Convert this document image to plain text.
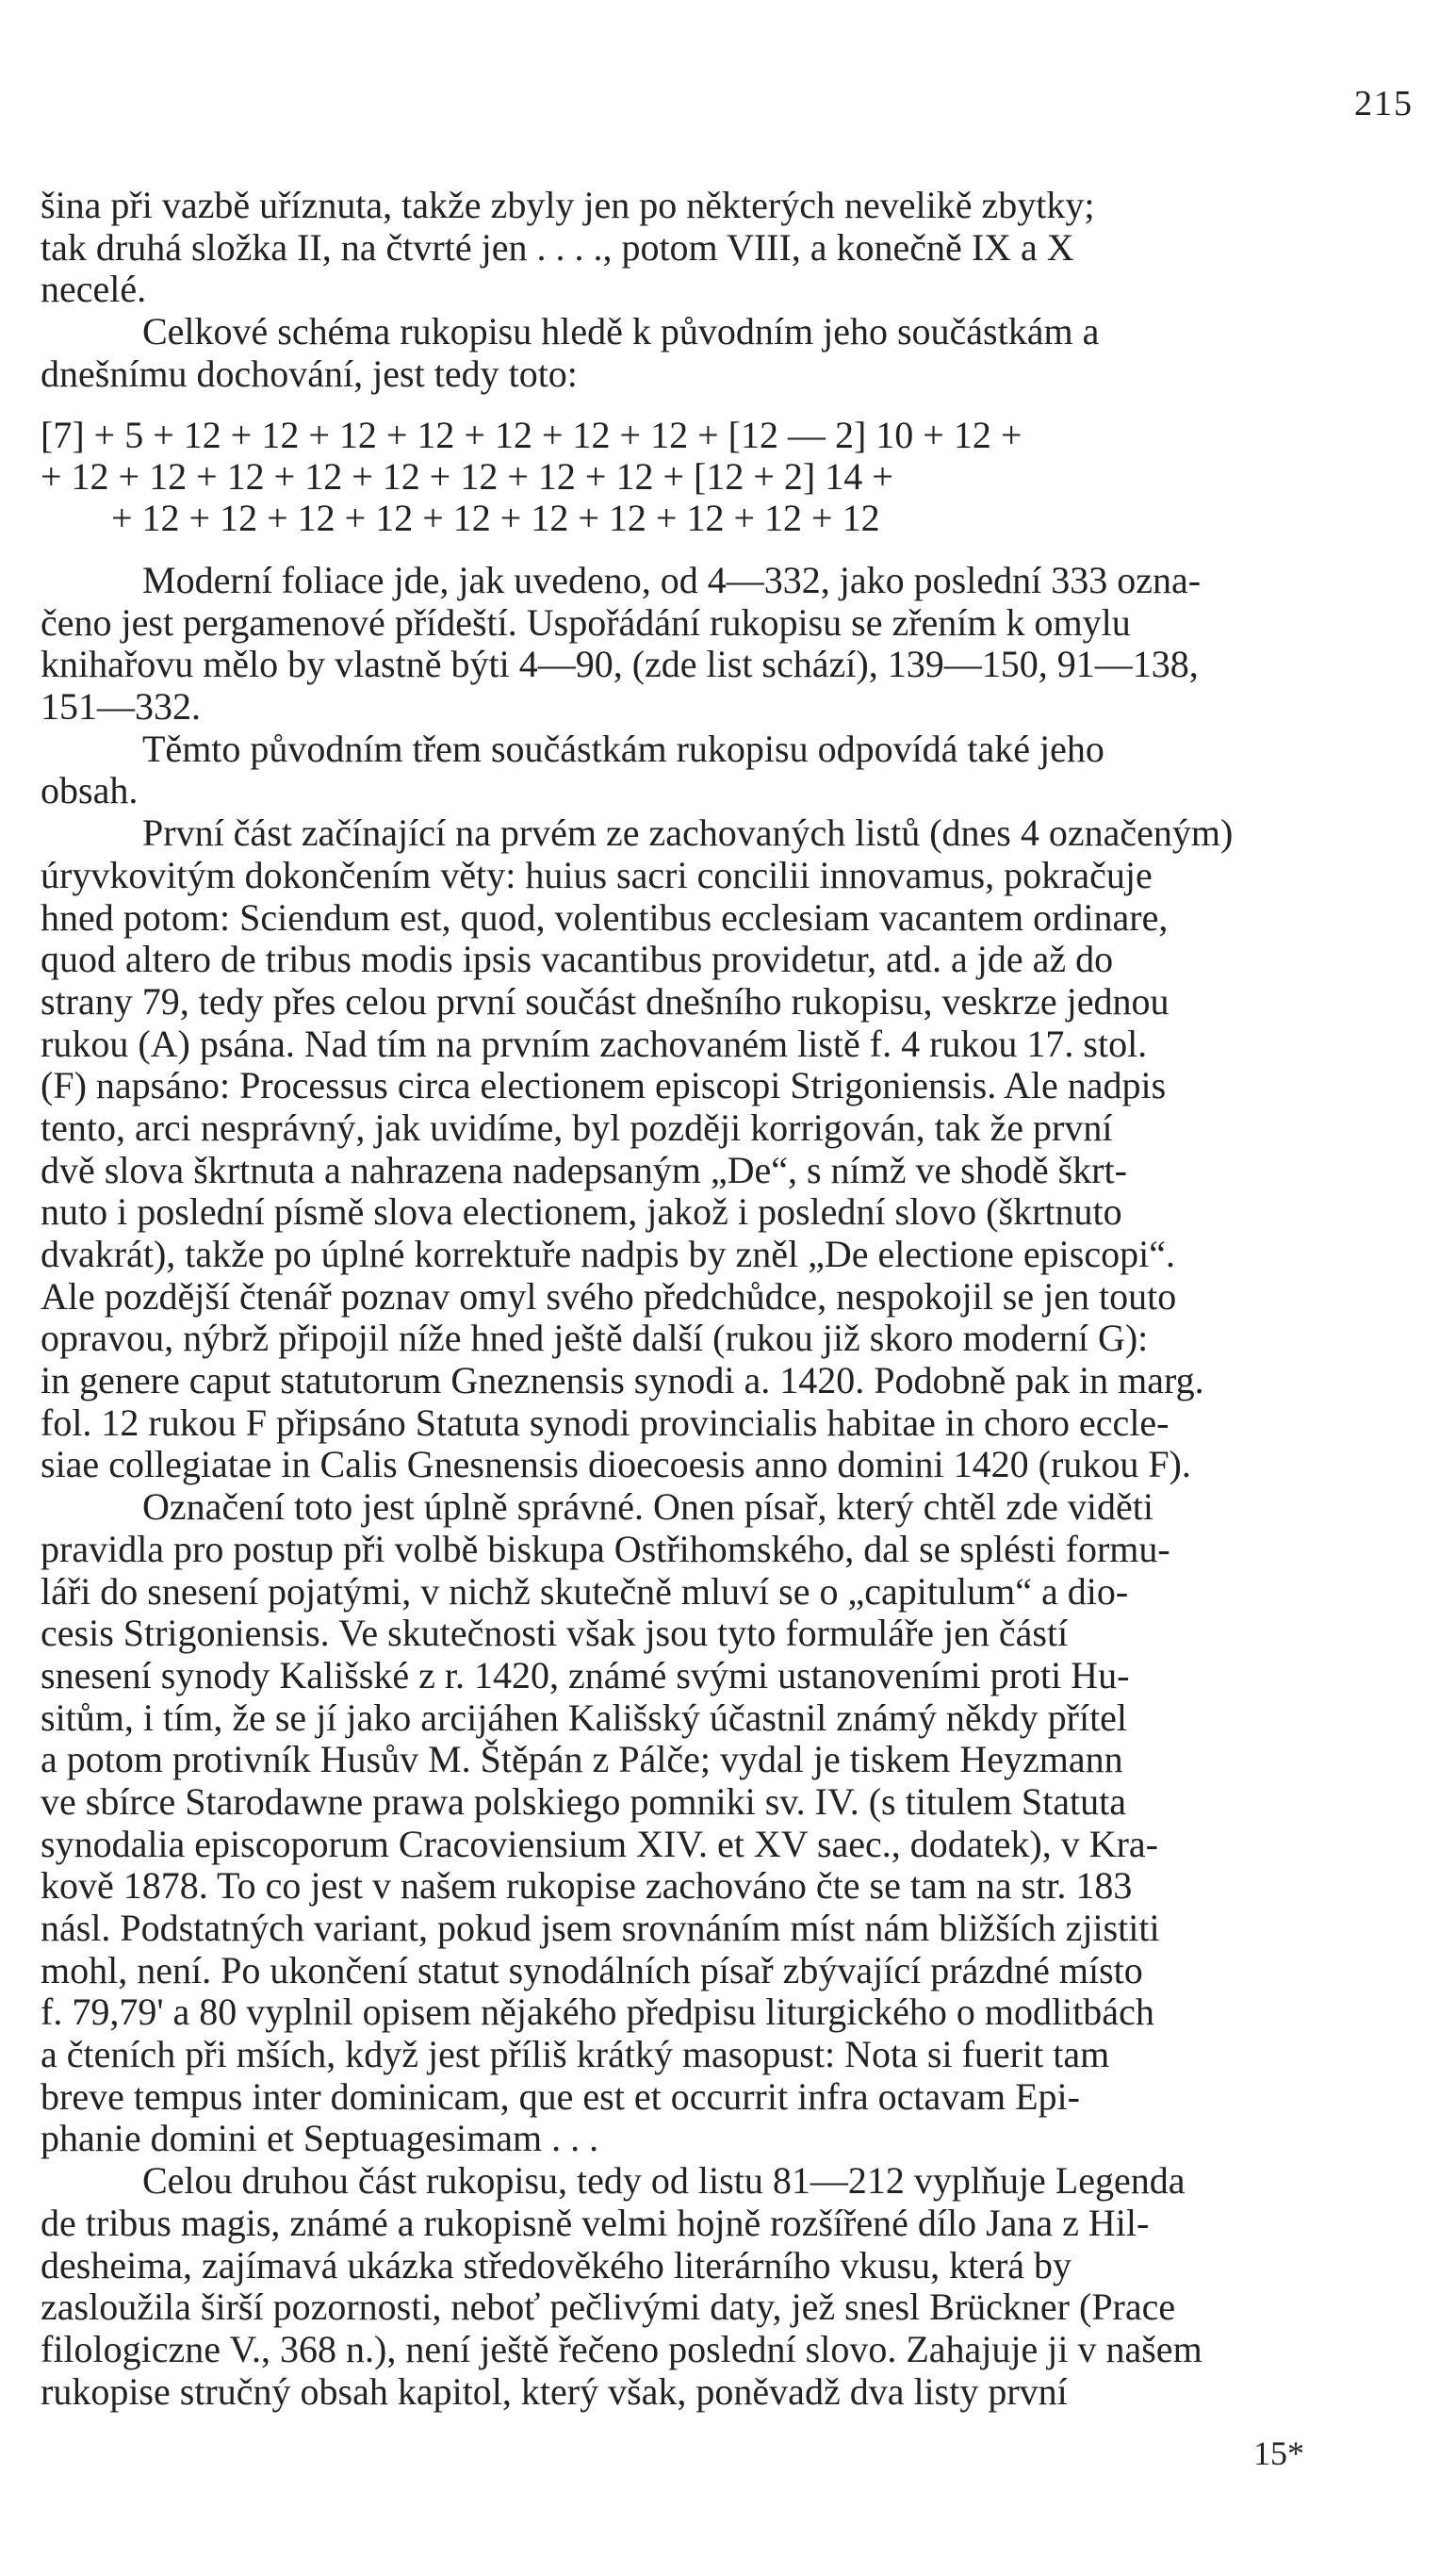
215
šina při vazbě uříznuta, takže zbyly jen po některých nevelikě zbytky;
tak druhá složka II, na čtvrté jen . . . ., potom VIII, a konečně IX a X
necelé.
Celkové schéma rukopisu hledě k původním jeho součástkám a
dnešnímu dochování, jest tedy toto:
[7] + 5 + 12 + 12 + 12 + 12 + 12 + 12 + 12 + [12 — 2] 10 + 12 +
+ 12 + 12 + 12 + 12 + 12 + 12 + 12 + 12 + [12 + 2] 14 +
+ 12 + 12 + 12 + 12 + 12 + 12 + 12 + 12 + 12 + 12
Moderní foliace jde, jak uvedeno, od 4—332, jako poslední 333 ozna-
čeno jest pergamenové přídeští. Uspořádání rukopisu se zřením k omylu
knihařovu mělo by vlastně býti 4—90, (zde list schází), 139—150, 91—138,
151—332.
Těmto původním třem součástkám rukopisu odpovídá také jeho
obsah.
První část začínající na prvém ze zachovaných listů (dnes 4 označeným)
úryvkovitým dokončením věty: huius sacri concilii innovamus, pokračuje
hned potom: Sciendum est, quod, volentibus ecclesiam vacantem ordinare,
quod altero de tribus modis ipsis vacantibus providetur, atd. a jde až do
strany 79, tedy přes celou první součást dnešního rukopisu, veskrze jednou
rukou (A) psána. Nad tím na prvním zachovaném listě f. 4 rukou 17. stol.
(F) napsáno: Processus circa electionem episcopi Strigoniensis. Ale nadpis
tento, arci nesprávný, jak uvidíme, byl později korrigován, tak že první
dvě slova škrtnuta a nahrazena nadepsaným „De“, s nímž ve shodě škrt-
nuto i poslední písmě slova electionem, jakož i poslední slovo (škrtnuto
dvakrát), takže po úplné korrektuře nadpis by zněl „De electione episcopi“.
Ale pozdější čtenář poznav omyl svého předchůdce, nespokojil se jen touto
opravou, nýbrž připojil níže hned ještě další (rukou již skoro moderní G):
in genere caput statutorum Gneznensis synodi a. 1420. Podobně pak in marg.
fol. 12 rukou F připsáno Statuta synodi provincialis habitae in choro eccle-
siae collegiatae in Calis Gnesnensis dioecoesis anno domini 1420 (rukou F).
Označení toto jest úplně správné. Onen písař, který chtěl zde viděti
pravidla pro postup při volbě biskupa Ostřihomského, dal se splésti formu-
láři do snesení pojatými, v nichž skutečně mluví se o „capitulum“ a dio-
cesis Strigoniensis. Ve skutečnosti však jsou tyto formuláře jen částí
snesení synody Kališské z r. 1420, známé svými ustanoveními proti Hu-
sitům, i tím, že se jí jako arcijáhen Kališský účastnil známý někdy přítel
a potom protivník Husův M. Štěpán z Pálče; vydal je tiskem Heyzmann
ve sbírce Starodawne prawa polskiego pomniki sv. IV. (s titulem Statuta
synodalia episcoporum Cracoviensium XIV. et XV saec., dodatek), v Kra-
kově 1878. To co jest v našem rukopise zachováno čte se tam na str. 183
násl. Podstatných variant, pokud jsem srovnáním míst nám bližších zjistiti
mohl, není. Po ukončení statut synodálních písař zbývající prázdné místo
f. 79,79' a 80 vyplnil opisem nějakého předpisu liturgického o modlitbách
a čteních při mších, když jest příliš krátký masopust: Nota si fuerit tam
breve tempus inter dominicam, que est et occurrit infra octavam Epi-
phanie domini et Septuagesimam . . .
Celou druhou část rukopisu, tedy od listu 81—212 vyplňuje Legenda
de tribus magis, známé a rukopisně velmi hojně rozšířené dílo Jana z Hil-
desheima, zajímavá ukázka středověkého literárního vkusu, která by
zasloužila širší pozornosti, neboť pečlivými daty, jež snesl Brückner (Prace
filologiczne V., 368 n.), není ještě řečeno poslední slovo. Zahajuje ji v našem
rukopise stručný obsah kapitol, který však, poněvadž dva listy první
15*
